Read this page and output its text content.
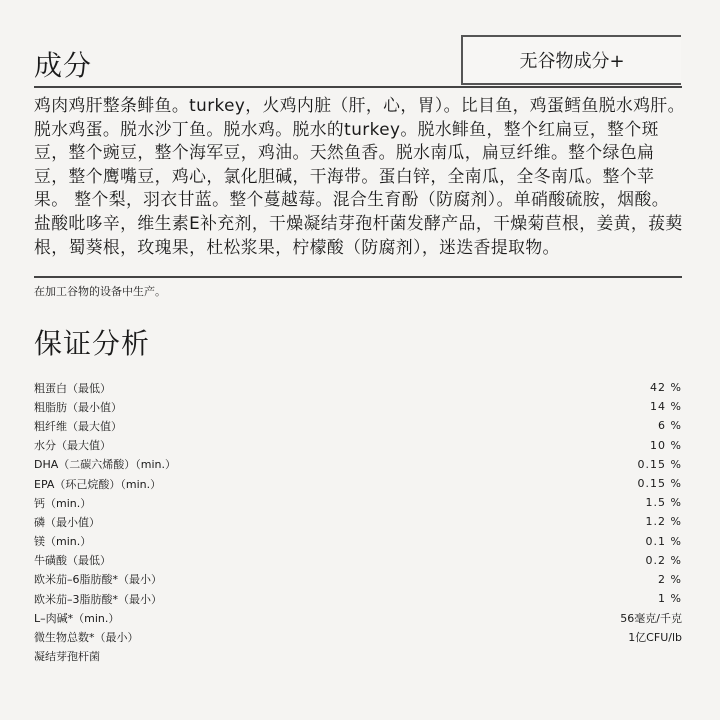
成分	无谷物成分+

鸡肉鸡肝整条鲱鱼。turkey，火鸡内脏（肝，心，胃）。比目鱼，鸡蛋鳕鱼脱水鸡肝。脱水鸡蛋。脱水沙丁鱼。脱水鸡。脱水的turkey。脱水鲱鱼，整个红扁豆，整个斑豆，整个豌豆，整个海军豆，鸡油。天然鱼香。脱水南瓜，扁豆纤维。整个绿色扁豆，整个鹰嘴豆，鸡心，氯化胆碱，干海带。蛋白锌，全南瓜，全冬南瓜。整个苹果。 整个梨，羽衣甘蓝。整个蔓越莓。混合生育酚（防腐剂）。单硝酸硫胺，烟酸。盐酸吡哆辛，维生素E补充剂，干燥凝结芽孢杆菌发酵产品，干燥菊苣根，姜黄，菝葜根，蜀葵根，玫瑰果，杜松浆果，柠檬酸（防腐剂），迷迭香提取物。

在加工谷物的设备中生产。
保证分析
粗蛋白（最低）	42 %
粗脂肪（最小值）	14 %
粗纤维（最大值）	6 %
水分（最大值）	10 %
DHA（二碳六烯酸）（min.）	0.15 %
EPA（环己烷酸）（min.）	0.15 %
钙（min.）	1.5 %
磷（最小值）	1.2 %
镁（min.）	0.1 %
牛磺酸（最低）	0.2 %
欧米茄–6脂肪酸*（最小）	2 %
欧米茄–3脂肪酸*（最小）	1 %
L–肉碱*（min.）	56毫克/千克
微生物总数*（最小）	1亿CFU/lb
凝结芽孢杆菌
